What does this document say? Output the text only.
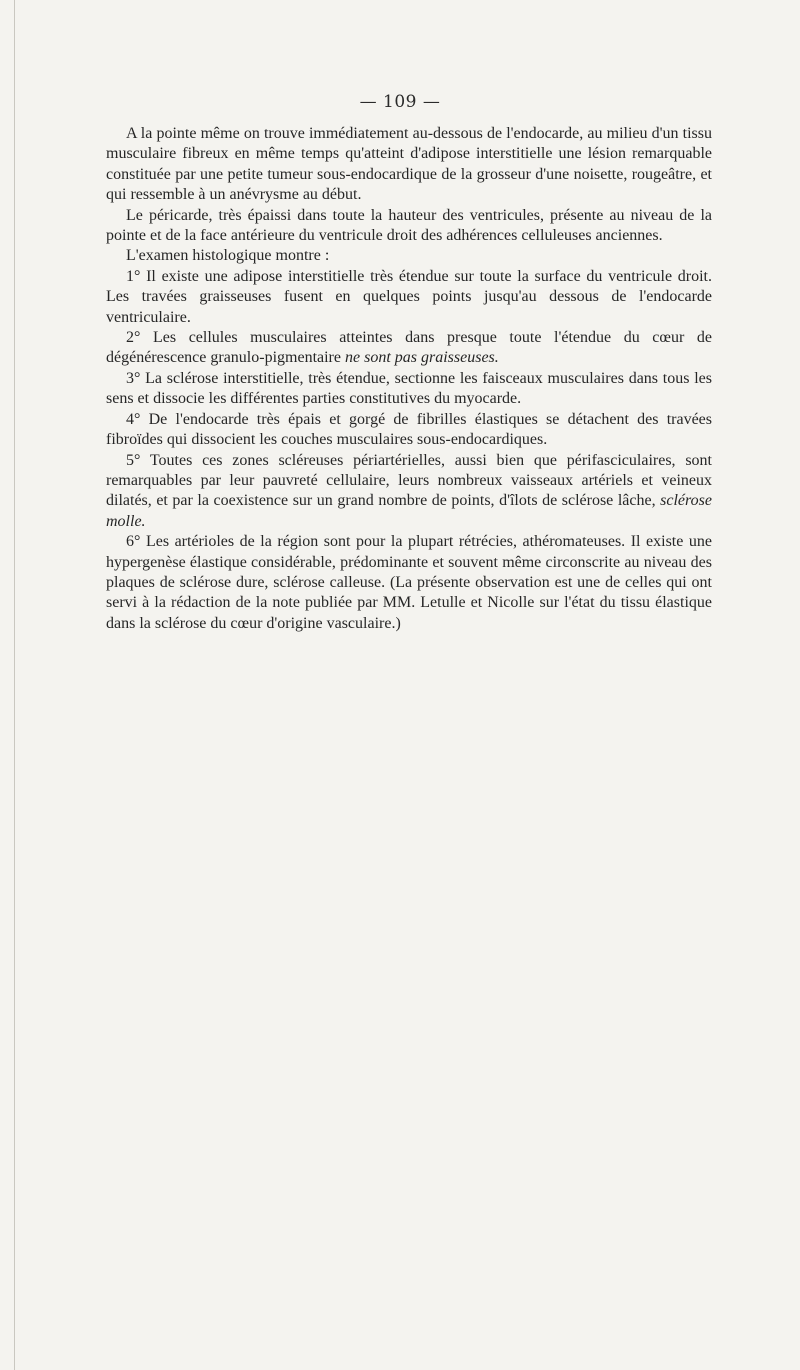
— 109 —

A la pointe même on trouve immédiatement au-dessous de l'endocarde, au milieu d'un tissu musculaire fibreux en même temps qu'atteint d'adipose interstitielle une lésion remarquable constituée par une petite tumeur sous-endocardique de la grosseur d'une noisette, rougeâtre, et qui ressemble à un anévrysme au début.

Le péricarde, très épaissi dans toute la hauteur des ventricules, présente au niveau de la pointe et de la face antérieure du ventricule droit des adhérences celluleuses anciennes.

L'examen histologique montre :

1° Il existe une adipose interstitielle très étendue sur toute la surface du ventricule droit. Les travées graisseuses fusent en quelques points jusqu'au dessous de l'endocarde ventriculaire.

2° Les cellules musculaires atteintes dans presque toute l'étendue du cœur de dégénérescence granulo-pigmentaire ne sont pas graisseuses.

3° La sclérose interstitielle, très étendue, sectionne les faisceaux musculaires dans tous les sens et dissocie les différentes parties constitutives du myocarde.

4° De l'endocarde très épais et gorgé de fibrilles élastiques se détachent des travées fibroïdes qui dissocient les couches musculaires sous-endocardiques.

5° Toutes ces zones scléreuses périartérielles, aussi bien que périfasciculaires, sont remarquables par leur pauvreté cellulaire, leurs nombreux vaisseaux artériels et veineux dilatés, et par la coexistence sur un grand nombre de points, d'îlots de sclérose lâche, sclérose molle.

6° Les artérioles de la région sont pour la plupart rétrécies, athéromateuses. Il existe une hypergenèse élastique considérable, prédominante et souvent même circonscrite au niveau des plaques de sclérose dure, sclérose calleuse. (La présente observation est une de celles qui ont servi à la rédaction de la note publiée par MM. Letulle et Nicolle sur l'état du tissu élastique dans la sclérose du cœur d'origine vasculaire.)
